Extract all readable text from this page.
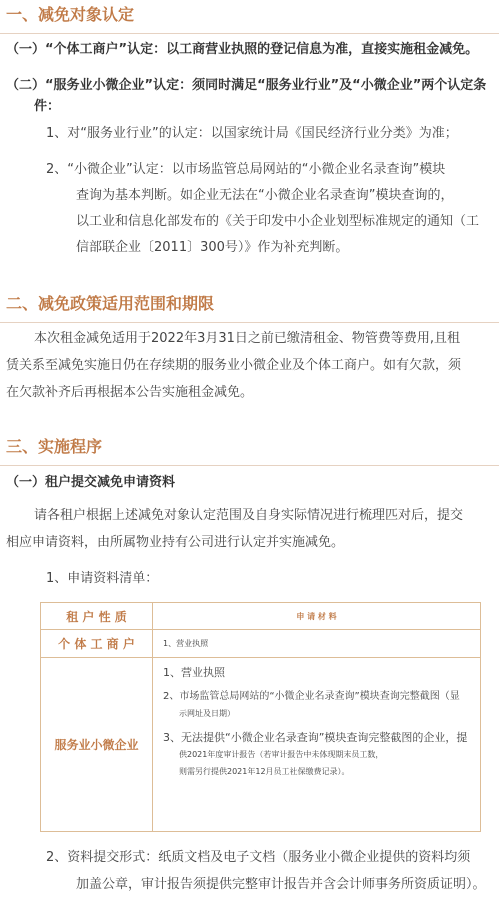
一、减免对象认定
（一）“个体工商户”认定：以工商营业执照的登记信息为准，直接实施租金减免。
（二）“服务业小微企业”认定：须同时满足“服务业行业”及“小微企业”两个认定条
件：
1、对“服务业行业”的认定：以国家统计局《国民经济行业分类》为准；
2、“小微企业”认定：以市场监管总局网站的“小微企业名录查询”模块
查询为基本判断。如企业无法在“小微企业名录查询”模块查询的，
以工业和信息化部发布的《关于印发中小企业划型标准规定的通知（工
信部联企业〔2011〕300号）》作为补充判断。
二、减免政策适用范围和期限
本次租金减免适用于2022年3月31日之前已缴清租金、物管费等费用,且租
赁关系至减免实施日仍在存续期的服务业小微企业及个体工商户。如有欠款，须
在欠款补齐后再根据本公告实施租金减免。
三、实施程序
（一）租户提交减免申请资料
请各租户根据上述减免对象认定范围及自身实际情况进行梳理匹对后，提交
相应申请资料，由所属物业持有公司进行认定并实施减免。
1、申请资料清单：
租 户 性 质	申 请 材 料
个 体 工 商 户	1、营业执照
服务业小微企业
1、营业执照
2、市场监管总局网站的“小微企业名录查询”模块查询完整截图（显
示网址及日期）
3、无法提供“小微企业名录查询”模块查询完整截图的企业，提
供2021年度审计报告（若审计报告中未体现期末员工数，
则需另行提供2021年12月员工社保缴费记录）。
2、资料提交形式：纸质文档及电子文档（服务业小微企业提供的资料均须
加盖公章，审计报告须提供完整审计报告并含会计师事务所资质证明）。
